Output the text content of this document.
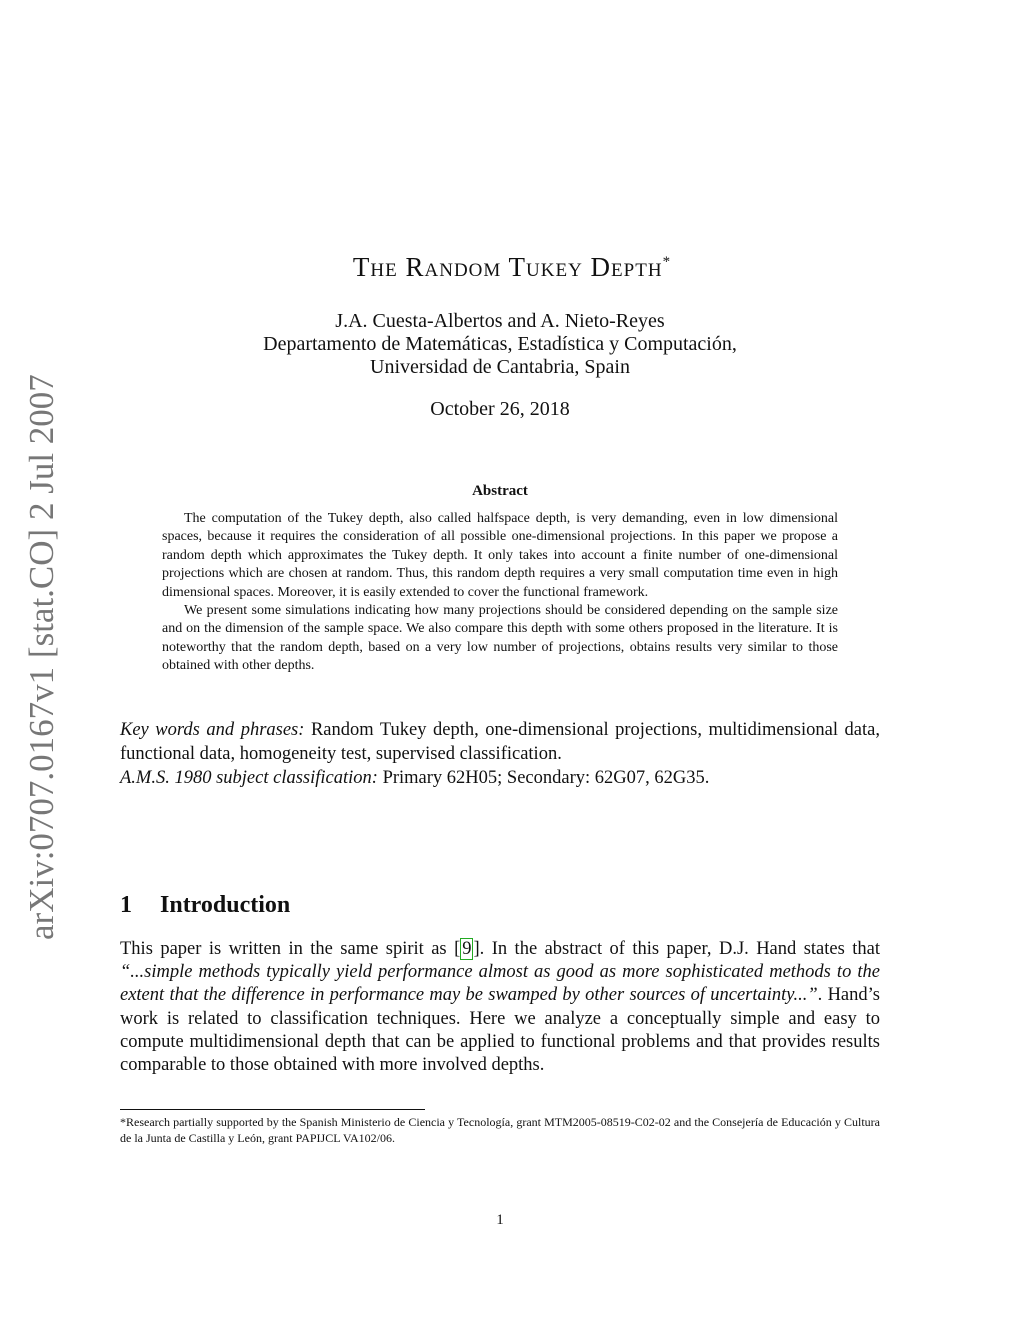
arXiv:0707.0167v1 [stat.CO] 2 Jul 2007
The Random Tukey Depth*
J.A. Cuesta-Albertos and A. Nieto-Reyes
Departamento de Matemáticas, Estadística y Computación,
Universidad de Cantabria, Spain
October 26, 2018
Abstract

The computation of the Tukey depth, also called halfspace depth, is very demanding, even in low dimensional spaces, because it requires the consideration of all possible one-dimensional projections. In this paper we propose a random depth which approximates the Tukey depth. It only takes into account a finite number of one-dimensional projections which are chosen at random. Thus, this random depth requires a very small computation time even in high dimensional spaces. Moreover, it is easily extended to cover the functional framework.

We present some simulations indicating how many projections should be considered depending on the sample size and on the dimension of the sample space. We also compare this depth with some others proposed in the literature. It is noteworthy that the random depth, based on a very low number of projections, obtains results very similar to those obtained with other depths.

Key words and phrases: Random Tukey depth, one-dimensional projections, multidimensional data, functional data, homogeneity test, supervised classification.

A.M.S. 1980 subject classification: Primary 62H05; Secondary: 62G07, 62G35.

1 Introduction

This paper is written in the same spirit as [ 9 ]. In the abstract of this paper, D.J. Hand states that “...simple methods typically yield performance almost as good as more sophisticated methods to the extent that the difference in performance may be swamped by other sources of uncertainty...”. Hand’s work is related to classification techniques. Here we analyze a conceptually simple and easy to compute multidimensional depth that can be applied to functional problems and that provides results comparable to those obtained with more involved depths.

*Research partially supported by the Spanish Ministerio de Ciencia y Tecnología, grant MTM2005-08519-C02-02 and the Consejería de Educación y Cultura de la Junta de Castilla y León, grant PAPIJCL VA102/06.

1
